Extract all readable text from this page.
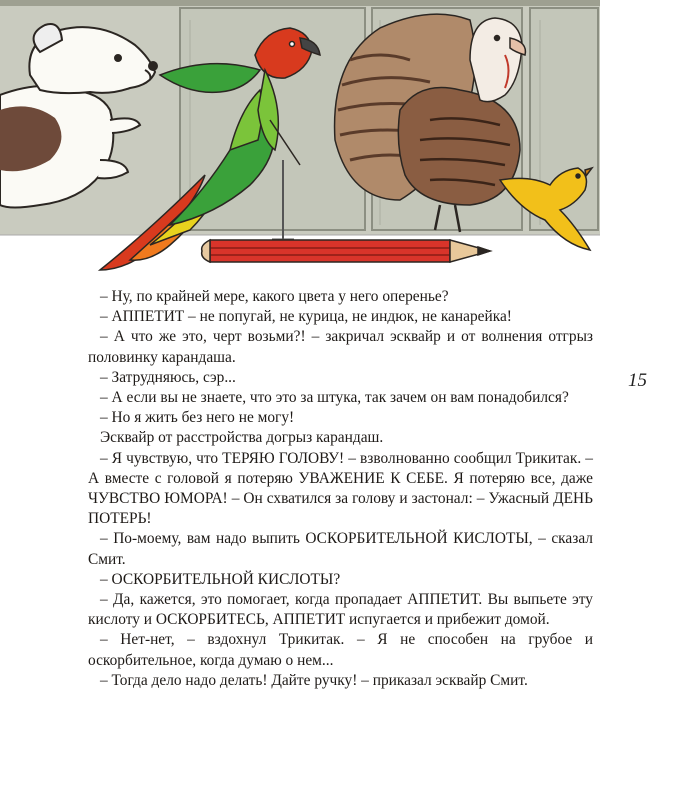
15

– Ну, по крайней мере, какого цвета у него оперенье?

– АППЕТИТ – не попугай, не курица, не индюк, не канарейка!

– А что же это, черт возьми?! – закричал эсквайр и от волнения отгрыз половинку карандаша.

– Затрудняюсь, сэр...

– А если вы не знаете, что это за штука, так зачем он вам понадобился?

– Но я жить без него не могу!

Эсквайр от расстройства догрыз карандаш.

– Я чувствую, что ТЕРЯЮ ГОЛОВУ! – взволнованно сообщил Трикитак. – А вместе с головой я потеряю УВАЖЕНИЕ К СЕБЕ. Я потеряю все, даже ЧУВСТВО ЮМОРА! – Он схватился за голову и застонал: – Ужасный ДЕНЬ ПОТЕРЬ!

– По-моему, вам надо выпить ОСКОРБИТЕЛЬНОЙ КИСЛОТЫ, – сказал Смит.

– ОСКОРБИТЕЛЬНОЙ КИСЛОТЫ?

– Да, кажется, это помогает, когда пропадает АППЕТИТ. Вы выпьете эту кислоту и ОСКОРБИТЕСЬ, АППЕТИТ испугается и прибежит домой.

– Нет-нет, – вздохнул Трикитак. – Я не способен на грубое и оскорбительное, когда думаю о нем...

– Тогда дело надо делать! Дайте ручку! – приказал эсквайр Смит.
